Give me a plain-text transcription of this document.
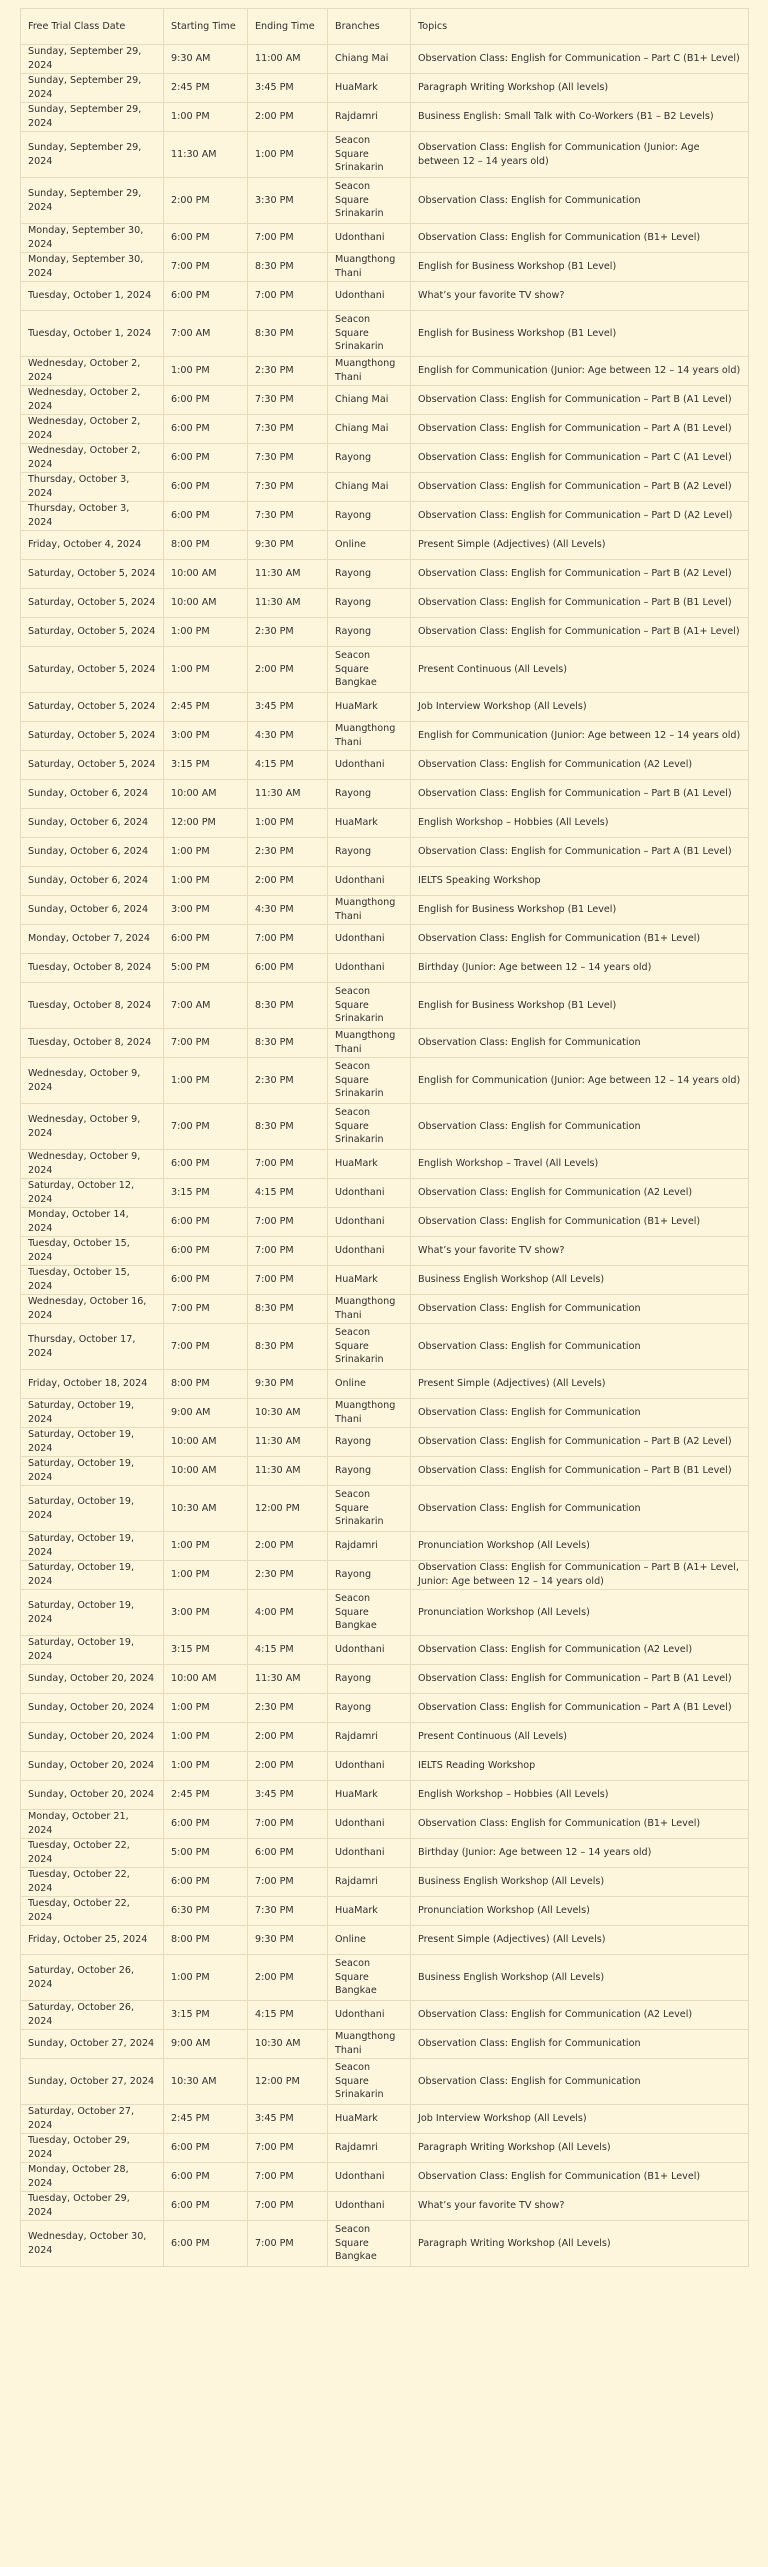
Free Trial Class Date	Starting Time	Ending Time	Branches	Topics
Sunday, September 29, 2024	9:30 AM	11:00 AM	Chiang Mai	Observation Class: English for Communication – Part C (B1+ Level)
Sunday, September 29, 2024	2:45 PM	3:45 PM	HuaMark	Paragraph Writing Workshop (All levels)
Sunday, September 29, 2024	1:00 PM	2:00 PM	Rajdamri	Business English: Small Talk with Co-Workers (B1 – B2 Levels)
Sunday, September 29, 2024	11:30 AM	1:00 PM	Seacon Square Srinakarin	Observation Class: English for Communication (Junior: Age between 12 – 14 years old)
Sunday, September 29, 2024	2:00 PM	3:30 PM	Seacon Square Srinakarin	Observation Class: English for Communication
Monday, September 30, 2024	6:00 PM	7:00 PM	Udonthani	Observation Class: English for Communication (B1+ Level)
Monday, September 30, 2024	7:00 PM	8:30 PM	Muangthong Thani	English for Business Workshop (B1 Level)
Tuesday, October 1, 2024	6:00 PM	7:00 PM	Udonthani	What’s your favorite TV show?
Tuesday, October 1, 2024	7:00 AM	8:30 PM	Seacon Square Srinakarin	English for Business Workshop (B1 Level)
Wednesday, October 2, 2024	1:00 PM	2:30 PM	Muangthong Thani	English for Communication (Junior: Age between 12 – 14 years old)
Wednesday, October 2, 2024	6:00 PM	7:30 PM	Chiang Mai	Observation Class: English for Communication – Part B (A1 Level)
Wednesday, October 2, 2024	6:00 PM	7:30 PM	Chiang Mai	Observation Class: English for Communication – Part A (B1 Level)
Wednesday, October 2, 2024	6:00 PM	7:30 PM	Rayong	Observation Class: English for Communication – Part C (A1 Level)
Thursday, October 3, 2024	6:00 PM	7:30 PM	Chiang Mai	Observation Class: English for Communication – Part B (A2 Level)
Thursday, October 3, 2024	6:00 PM	7:30 PM	Rayong	Observation Class: English for Communication – Part D (A2 Level)
Friday, October 4, 2024	8:00 PM	9:30 PM	Online	Present Simple (Adjectives) (All Levels)
Saturday, October 5, 2024	10:00 AM	11:30 AM	Rayong	Observation Class: English for Communication – Part B (A2 Level)
Saturday, October 5, 2024	10:00 AM	11:30 AM	Rayong	Observation Class: English for Communication – Part B (B1 Level)
Saturday, October 5, 2024	1:00 PM	2:30 PM	Rayong	Observation Class: English for Communication – Part B (A1+ Level)
Saturday, October 5, 2024	1:00 PM	2:00 PM	Seacon Square Bangkae	Present Continuous (All Levels)
Saturday, October 5, 2024	2:45 PM	3:45 PM	HuaMark	Job Interview Workshop (All Levels)
Saturday, October 5, 2024	3:00 PM	4:30 PM	Muangthong Thani	English for Communication (Junior: Age between 12 – 14 years old)
Saturday, October 5, 2024	3:15 PM	4:15 PM	Udonthani	Observation Class: English for Communication (A2 Level)
Sunday, October 6, 2024	10:00 AM	11:30 AM	Rayong	Observation Class: English for Communication – Part B (A1 Level)
Sunday, October 6, 2024	12:00 PM	1:00 PM	HuaMark	English Workshop – Hobbies (All Levels)
Sunday, October 6, 2024	1:00 PM	2:30 PM	Rayong	Observation Class: English for Communication – Part A (B1 Level)
Sunday, October 6, 2024	1:00 PM	2:00 PM	Udonthani	IELTS Speaking Workshop
Sunday, October 6, 2024	3:00 PM	4:30 PM	Muangthong Thani	English for Business Workshop (B1 Level)
Monday, October 7, 2024	6:00 PM	7:00 PM	Udonthani	Observation Class: English for Communication (B1+ Level)
Tuesday, October 8, 2024	5:00 PM	6:00 PM	Udonthani	Birthday (Junior: Age between 12 – 14 years old)
Tuesday, October 8, 2024	7:00 AM	8:30 PM	Seacon Square Srinakarin	English for Business Workshop (B1 Level)
Tuesday, October 8, 2024	7:00 PM	8:30 PM	Muangthong Thani	Observation Class: English for Communication
Wednesday, October 9, 2024	1:00 PM	2:30 PM	Seacon Square Srinakarin	English for Communication (Junior: Age between 12 – 14 years old)
Wednesday, October 9, 2024	7:00 PM	8:30 PM	Seacon Square Srinakarin	Observation Class: English for Communication
Wednesday, October 9, 2024	6:00 PM	7:00 PM	HuaMark	English Workshop – Travel (All Levels)
Saturday, October 12, 2024	3:15 PM	4:15 PM	Udonthani	Observation Class: English for Communication (A2 Level)
Monday, October 14, 2024	6:00 PM	7:00 PM	Udonthani	Observation Class: English for Communication (B1+ Level)
Tuesday, October 15, 2024	6:00 PM	7:00 PM	Udonthani	What’s your favorite TV show?
Tuesday, October 15, 2024	6:00 PM	7:00 PM	HuaMark	Business English Workshop (All Levels)
Wednesday, October 16, 2024	7:00 PM	8:30 PM	Muangthong Thani	Observation Class: English for Communication
Thursday, October 17, 2024	7:00 PM	8:30 PM	Seacon Square Srinakarin	Observation Class: English for Communication
Friday, October 18, 2024	8:00 PM	9:30 PM	Online	Present Simple (Adjectives) (All Levels)
Saturday, October 19, 2024	9:00 AM	10:30 AM	Muangthong Thani	Observation Class: English for Communication
Saturday, October 19, 2024	10:00 AM	11:30 AM	Rayong	Observation Class: English for Communication – Part B (A2 Level)
Saturday, October 19, 2024	10:00 AM	11:30 AM	Rayong	Observation Class: English for Communication – Part B (B1 Level)
Saturday, October 19, 2024	10:30 AM	12:00 PM	Seacon Square Srinakarin	Observation Class: English for Communication
Saturday, October 19, 2024	1:00 PM	2:00 PM	Rajdamri	Pronunciation Workshop (All Levels)
Saturday, October 19, 2024	1:00 PM	2:30 PM	Rayong	Observation Class: English for Communication – Part B (A1+ Level, Junior: Age between 12 – 14 years old)
Saturday, October 19, 2024	3:00 PM	4:00 PM	Seacon Square Bangkae	Pronunciation Workshop (All Levels)
Saturday, October 19, 2024	3:15 PM	4:15 PM	Udonthani	Observation Class: English for Communication (A2 Level)
Sunday, October 20, 2024	10:00 AM	11:30 AM	Rayong	Observation Class: English for Communication – Part B (A1 Level)
Sunday, October 20, 2024	1:00 PM	2:30 PM	Rayong	Observation Class: English for Communication – Part A (B1 Level)
Sunday, October 20, 2024	1:00 PM	2:00 PM	Rajdamri	Present Continuous (All Levels)
Sunday, October 20, 2024	1:00 PM	2:00 PM	Udonthani	IELTS Reading Workshop
Sunday, October 20, 2024	2:45 PM	3:45 PM	HuaMark	English Workshop – Hobbies (All Levels)
Monday, October 21, 2024	6:00 PM	7:00 PM	Udonthani	Observation Class: English for Communication (B1+ Level)
Tuesday, October 22, 2024	5:00 PM	6:00 PM	Udonthani	Birthday (Junior: Age between 12 – 14 years old)
Tuesday, October 22, 2024	6:00 PM	7:00 PM	Rajdamri	Business English Workshop (All Levels)
Tuesday, October 22, 2024	6:30 PM	7:30 PM	HuaMark	Pronunciation Workshop (All Levels)
Friday, October 25, 2024	8:00 PM	9:30 PM	Online	Present Simple (Adjectives) (All Levels)
Saturday, October 26, 2024	1:00 PM	2:00 PM	Seacon Square Bangkae	Business English Workshop (All Levels)
Saturday, October 26, 2024	3:15 PM	4:15 PM	Udonthani	Observation Class: English for Communication (A2 Level)
Sunday, October 27, 2024	9:00 AM	10:30 AM	Muangthong Thani	Observation Class: English for Communication
Sunday, October 27, 2024	10:30 AM	12:00 PM	Seacon Square Srinakarin	Observation Class: English for Communication
Saturday, October 27, 2024	2:45 PM	3:45 PM	HuaMark	Job Interview Workshop (All Levels)
Tuesday, October 29, 2024	6:00 PM	7:00 PM	Rajdamri	Paragraph Writing Workshop (All Levels)
Monday, October 28, 2024	6:00 PM	7:00 PM	Udonthani	Observation Class: English for Communication (B1+ Level)
Tuesday, October 29, 2024	6:00 PM	7:00 PM	Udonthani	What’s your favorite TV show?
Wednesday, October 30, 2024	6:00 PM	7:00 PM	Seacon Square Bangkae	Paragraph Writing Workshop (All Levels)
